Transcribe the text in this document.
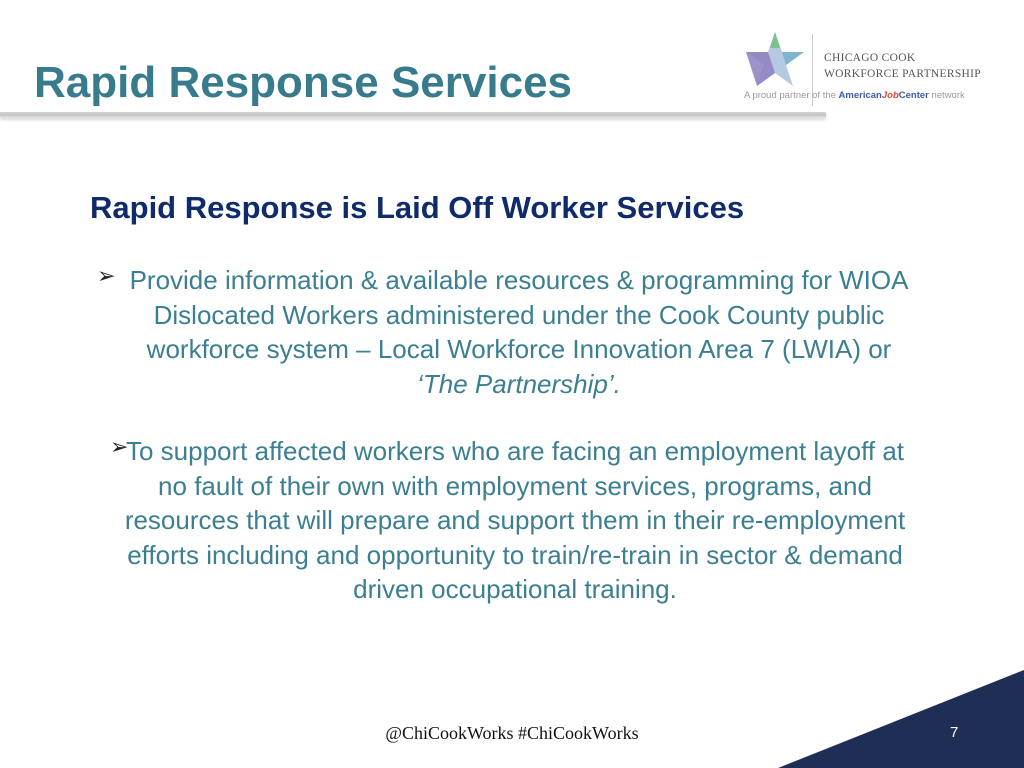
Rapid Response Services	CHICAGO COOK
WORKFORCE PARTNERSHIP
A proud partner of the AmericanJobCenter network
Rapid Response is Laid Off Worker Services
➢ Provide information & available resources & programming for WIOA Dislocated Workers administered under the Cook County public workforce system – Local Workforce Innovation Area 7 (LWIA) or ‘The Partnership’.
➢
To support affected workers who are facing an employment layoff at no fault of their own with employment services, programs, and resources that will prepare and support them in their re-employment efforts including and opportunity to train/re-train in sector & demand driven occupational training.
@ChiCookWorks #ChiCookWorks	7
